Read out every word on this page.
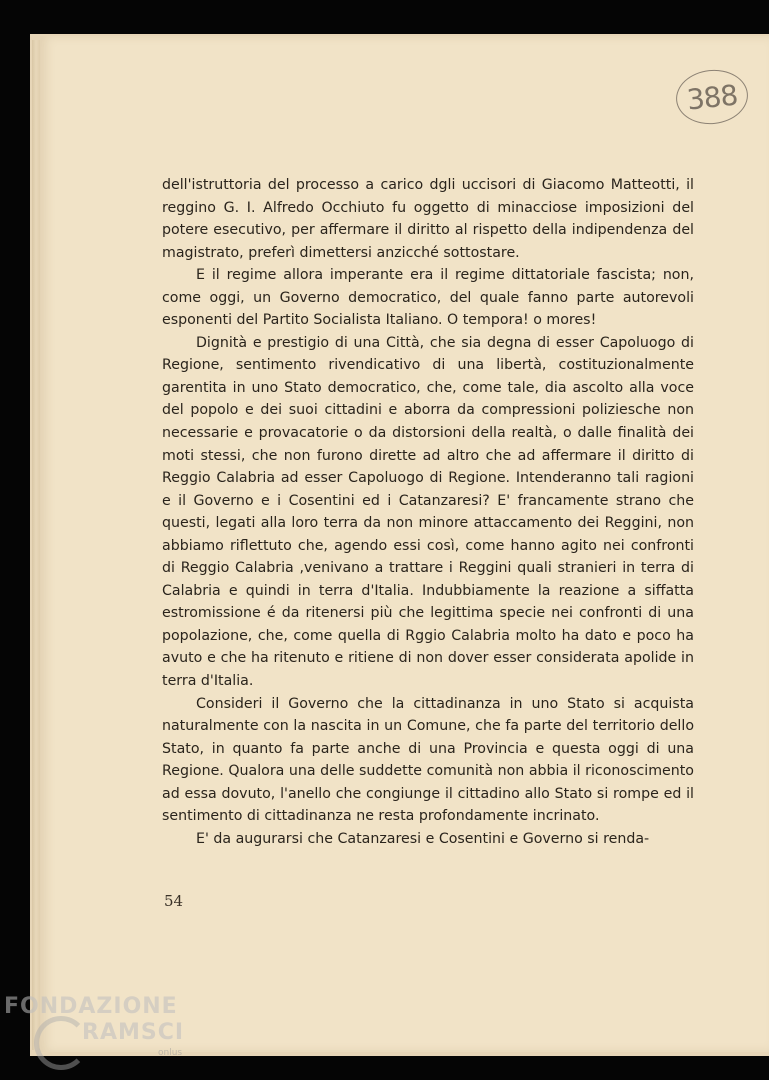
388

dell'istruttoria del processo a carico dgli uccisori di Giacomo Matteotti, il reggino G. I. Alfredo Occhiuto fu oggetto di minacciose imposizioni del potere esecutivo, per affermare il diritto al rispetto della indipendenza del magistrato, preferì dimettersi anzicché sottostare.

E il regime allora imperante era il regime dittatoriale fascista; non, come oggi, un Governo democratico, del quale fanno parte autorevoli esponenti del Partito Socialista Italiano. O tempora! o mores!

Dignità e prestigio di una Città, che sia degna di esser Capoluogo di Regione, sentimento rivendicativo di una libertà, costituzionalmente garentita in uno Stato democratico, che, come tale, dia ascolto alla voce del popolo e dei suoi cittadini e aborra da compressioni poliziesche non necessarie e provacatorie o da distorsioni della realtà, o dalle finalità dei moti stessi, che non furono dirette ad altro che ad affermare il diritto di Reggio Calabria ad esser Capoluogo di Regione. Intenderanno tali ragioni e il Governo e i Cosentini ed i Catanzaresi? E' francamente strano che questi, legati alla loro terra da non minore attaccamento dei Reggini, non abbiamo riflettuto che, agendo essi così, come hanno agito nei confronti di Reggio Calabria ,venivano a trattare i Reggini quali stranieri in terra di Calabria e quindi in terra d'Italia. Indubbiamente la reazione a siffatta estromissione é da ritenersi più che legittima specie nei confronti di una popolazione, che, come quella di Rggio Calabria molto ha dato e poco ha avuto e che ha ritenuto e ritiene di non dover esser considerata apolide in terra d'Italia.

Consideri il Governo che la cittadinanza in uno Stato si acquista naturalmente con la nascita in un Comune, che fa parte del territorio dello Stato, in quanto fa parte anche di una Provincia e questa oggi di una Regione. Qualora una delle suddette comunità non abbia il riconoscimento ad essa dovuto, l'anello che congiunge il cittadino allo Stato si rompe ed il sentimento di cittadinanza ne resta profondamente incrinato.

E' da augurarsi che Catanzaresi e Cosentini e Governo si renda-

54
FONDAZIONE
RAMSCI
onlus
